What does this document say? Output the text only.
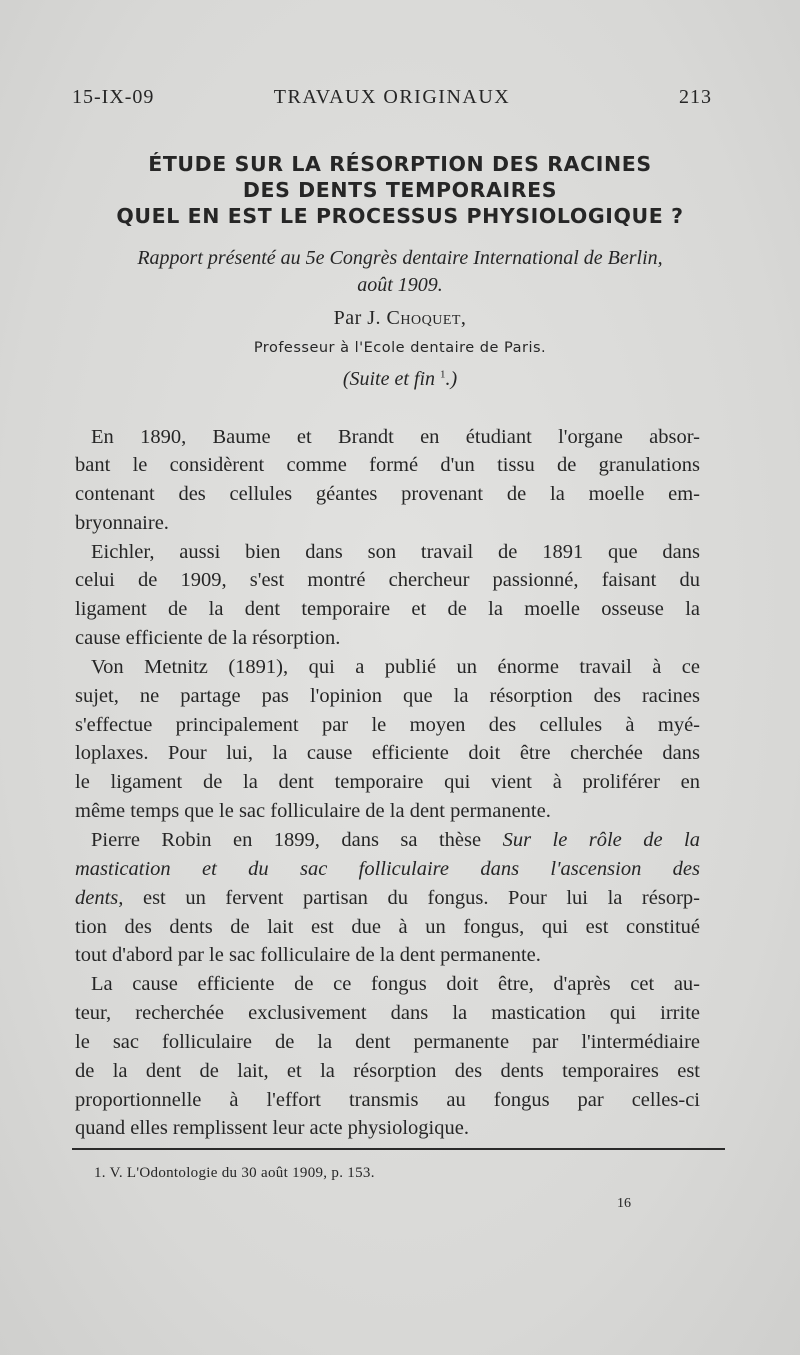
15-IX-09	TRAVAUX ORIGINAUX	213
ÉTUDE SUR LA RÉSORPTION DES RACINES
DES DENTS TEMPORAIRES
QUEL EN EST LE PROCESSUS PHYSIOLOGIQUE ?
Rapport présenté au 5e Congrès dentaire International de Berlin,
août 1909.
Par J. Choquet,
Professeur à l'Ecole dentaire de Paris.
(Suite et fin $^1$.)
En 1890, Baume et Brandt en étudiant l'organe absor-
bant le considèrent comme formé d'un tissu de granulations
contenant des cellules géantes provenant de la moelle em-
bryonnaire.
Eichler, aussi bien dans son travail de 1891 que dans
celui de 1909, s'est montré chercheur passionné, faisant du
ligament de la dent temporaire et de la moelle osseuse la
cause efficiente de la résorption.
Von Metnitz (1891), qui a publié un énorme travail à ce
sujet, ne partage pas l'opinion que la résorption des racines
s'effectue principalement par le moyen des cellules à myé-
loplaxes. Pour lui, la cause efficiente doit être cherchée dans
le ligament de la dent temporaire qui vient à proliférer en
même temps que le sac folliculaire de la dent permanente.
Pierre Robin en 1899, dans sa thèse Sur le rôle de la
mastication et du sac folliculaire dans l'ascension des
dents, est un fervent partisan du fongus. Pour lui la résorp-
tion des dents de lait est due à un fongus, qui est constitué
tout d'abord par le sac folliculaire de la dent permanente.
La cause efficiente de ce fongus doit être, d'après cet au-
teur, recherchée exclusivement dans la mastication qui irrite
le sac folliculaire de la dent permanente par l'intermédiaire
de la dent de lait, et la résorption des dents temporaires est
proportionnelle à l'effort transmis au fongus par celles-ci
quand elles remplissent leur acte physiologique.
1. V. L'Odontologie du 30 août 1909, p. 153.
16
